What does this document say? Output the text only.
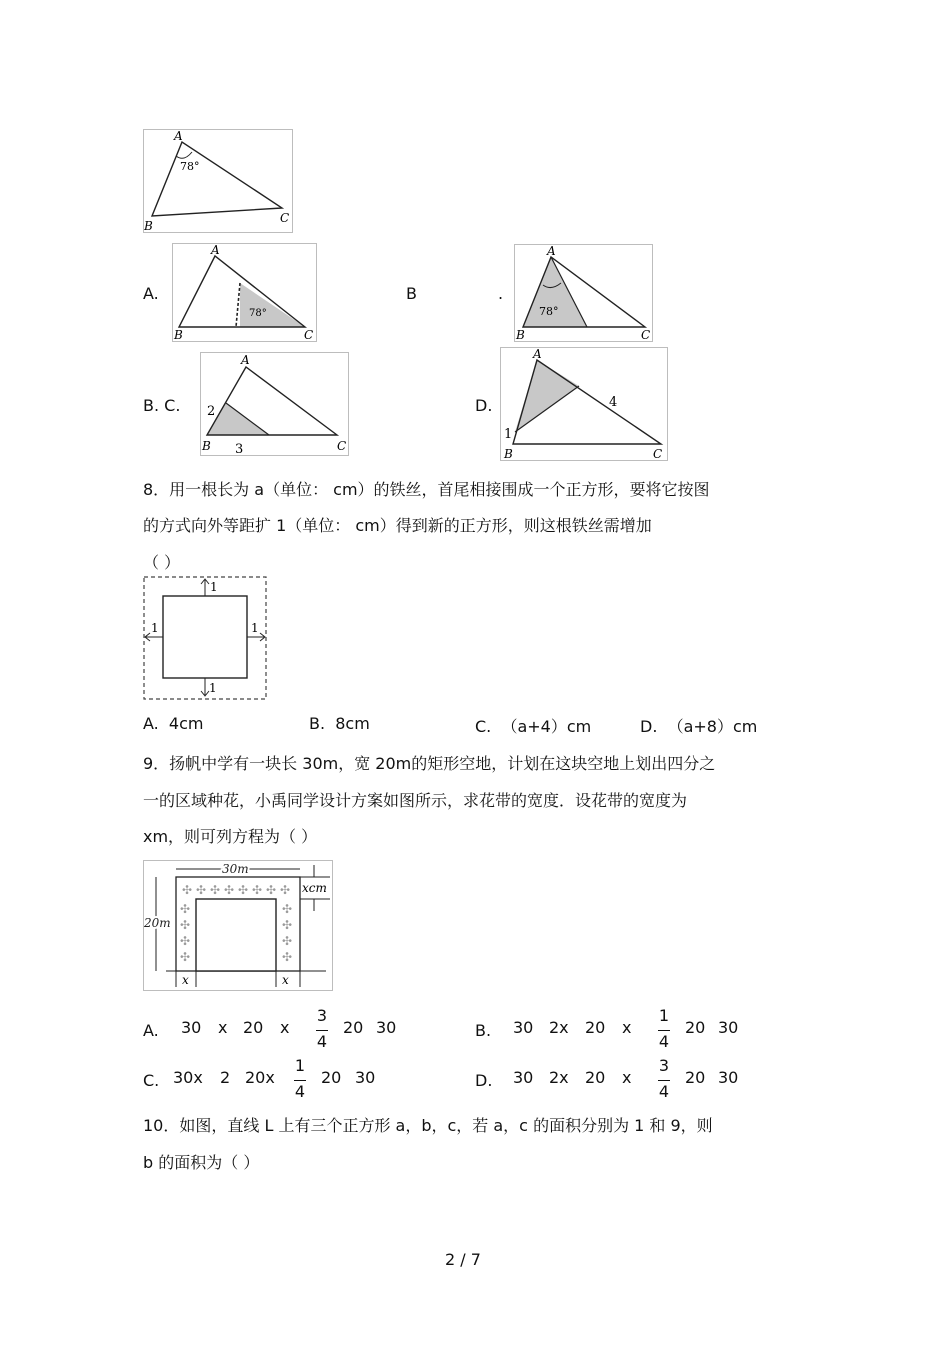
A
B
C
78°
A.
A
B	C
78°
B	.
A
B	C
78°
B. C.
A
B	C
2
3
D.
A
B	C
1
4
8．用一根长为 a（单位： cm）的铁丝，首尾相接围成一个正方形，要将它按图
的方式向外等距扩 1（单位： cm）得到新的正方形，则这根铁丝需增加
（ ）
1
1	1
1
A. 4cm	B. 8cm	C. （a+4）cm	D. （a+8）cm
9．扬帆中学有一块长 30m，宽 20m的矩形空地，计划在这块空地上划出四分之
一的区域种花，小禹同学设计方案如图所示，求花带的宽度．设花带的宽度为
xm，则可列方程为（ ）
30m
20m
✣ ✣ ✣ ✣ ✣ ✣ ✣ ✣
✣
✣
✣
✣
✣
✣
✣
✣
x	x
xcm
A. 30 x 20 x
3
4
20 30	B. 30 2x 20 x
1
4
20 30
C. 30x 2 20x
1
4
20 30	D. 30 2x 20 x
3
4
20 30
10．如图，直线 L 上有三个正方形 a，b，c，若 a，c 的面积分别为 1 和 9，则
b 的面积为（ ）
2 / 7
